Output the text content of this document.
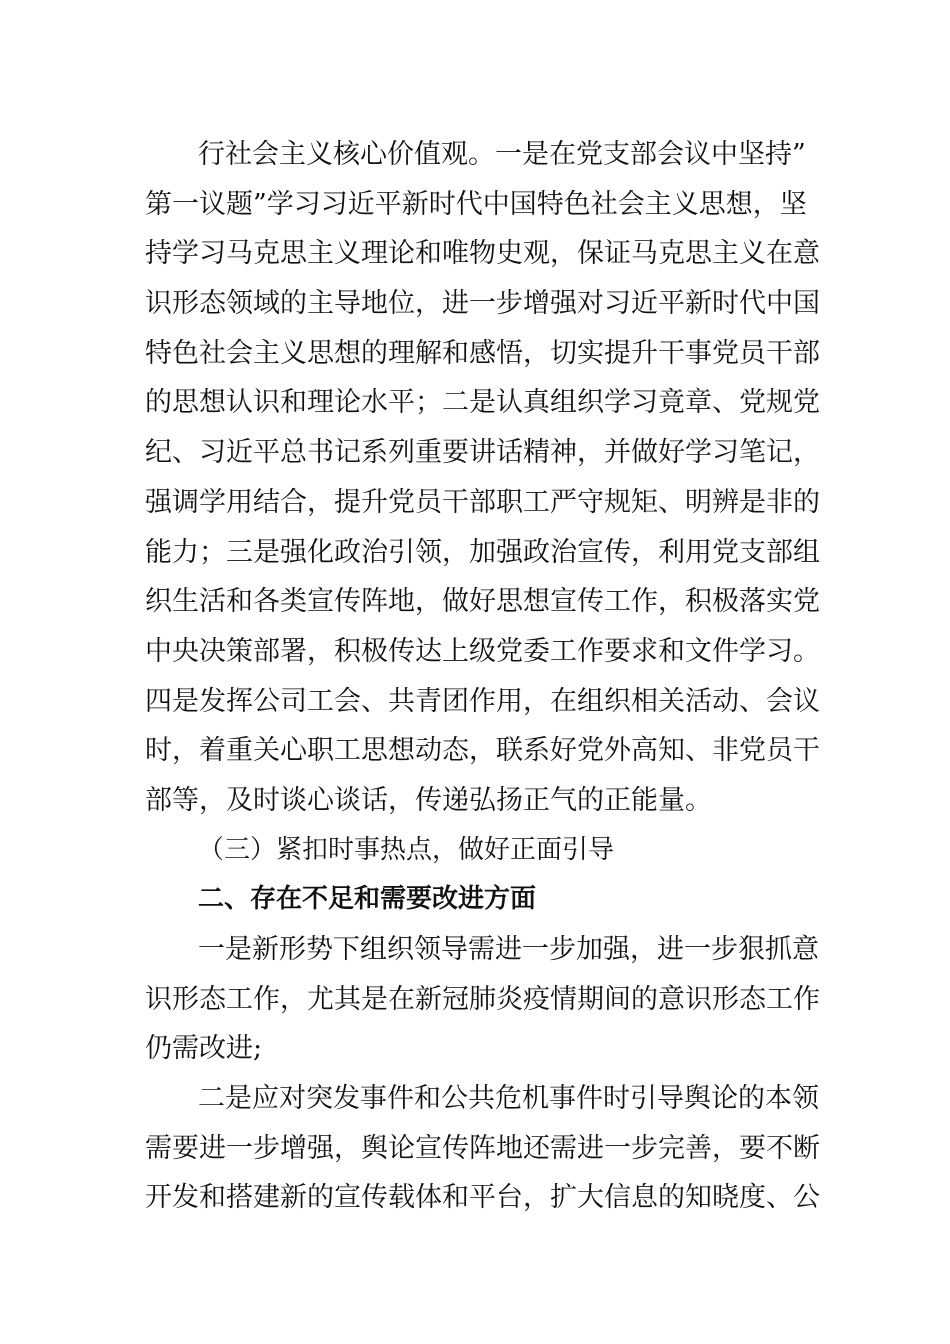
行社会主义核心价值观。一是在党支部会议中坚持”
第一议题”学习习近平新时代中国特色社会主义思想，坚
持学习马克思主义理论和唯物史观，保证马克思主义在意
识形态领域的主导地位，进一步增强对习近平新时代中国
特色社会主义思想的理解和感悟，切实提升干事党员干部
的思想认识和理论水平；二是认真组织学习竟章、党规党
纪、习近平总书记系列重要讲话精神，并做好学习笔记，
强调学用结合，提升党员干部职工严守规矩、明辨是非的
能力；三是强化政治引领，加强政治宣传，利用党支部组
织生活和各类宣传阵地，做好思想宣传工作，积极落实党
中央决策部署，积极传达上级党委工作要求和文件学习。
四是发挥公司工会、共青团作用，在组织相关活动、会议
时，着重关心职工思想动态，联系好党外高知、非党员干
部等，及时谈心谈话，传递弘扬正气的正能量。
（三）紧扣时事热点，做好正面引导
二、存在不足和需要改进方面
一是新形势下组织领导需进一步加强，进一步狠抓意
识形态工作，尤其是在新冠肺炎疫情期间的意识形态工作
仍需改进;
二是应对突发事件和公共危机事件时引导舆论的本领
需要进一步增强，舆论宣传阵地还需进一步完善，要不断
开发和搭建新的宣传载体和平台，扩大信息的知晓度、公
